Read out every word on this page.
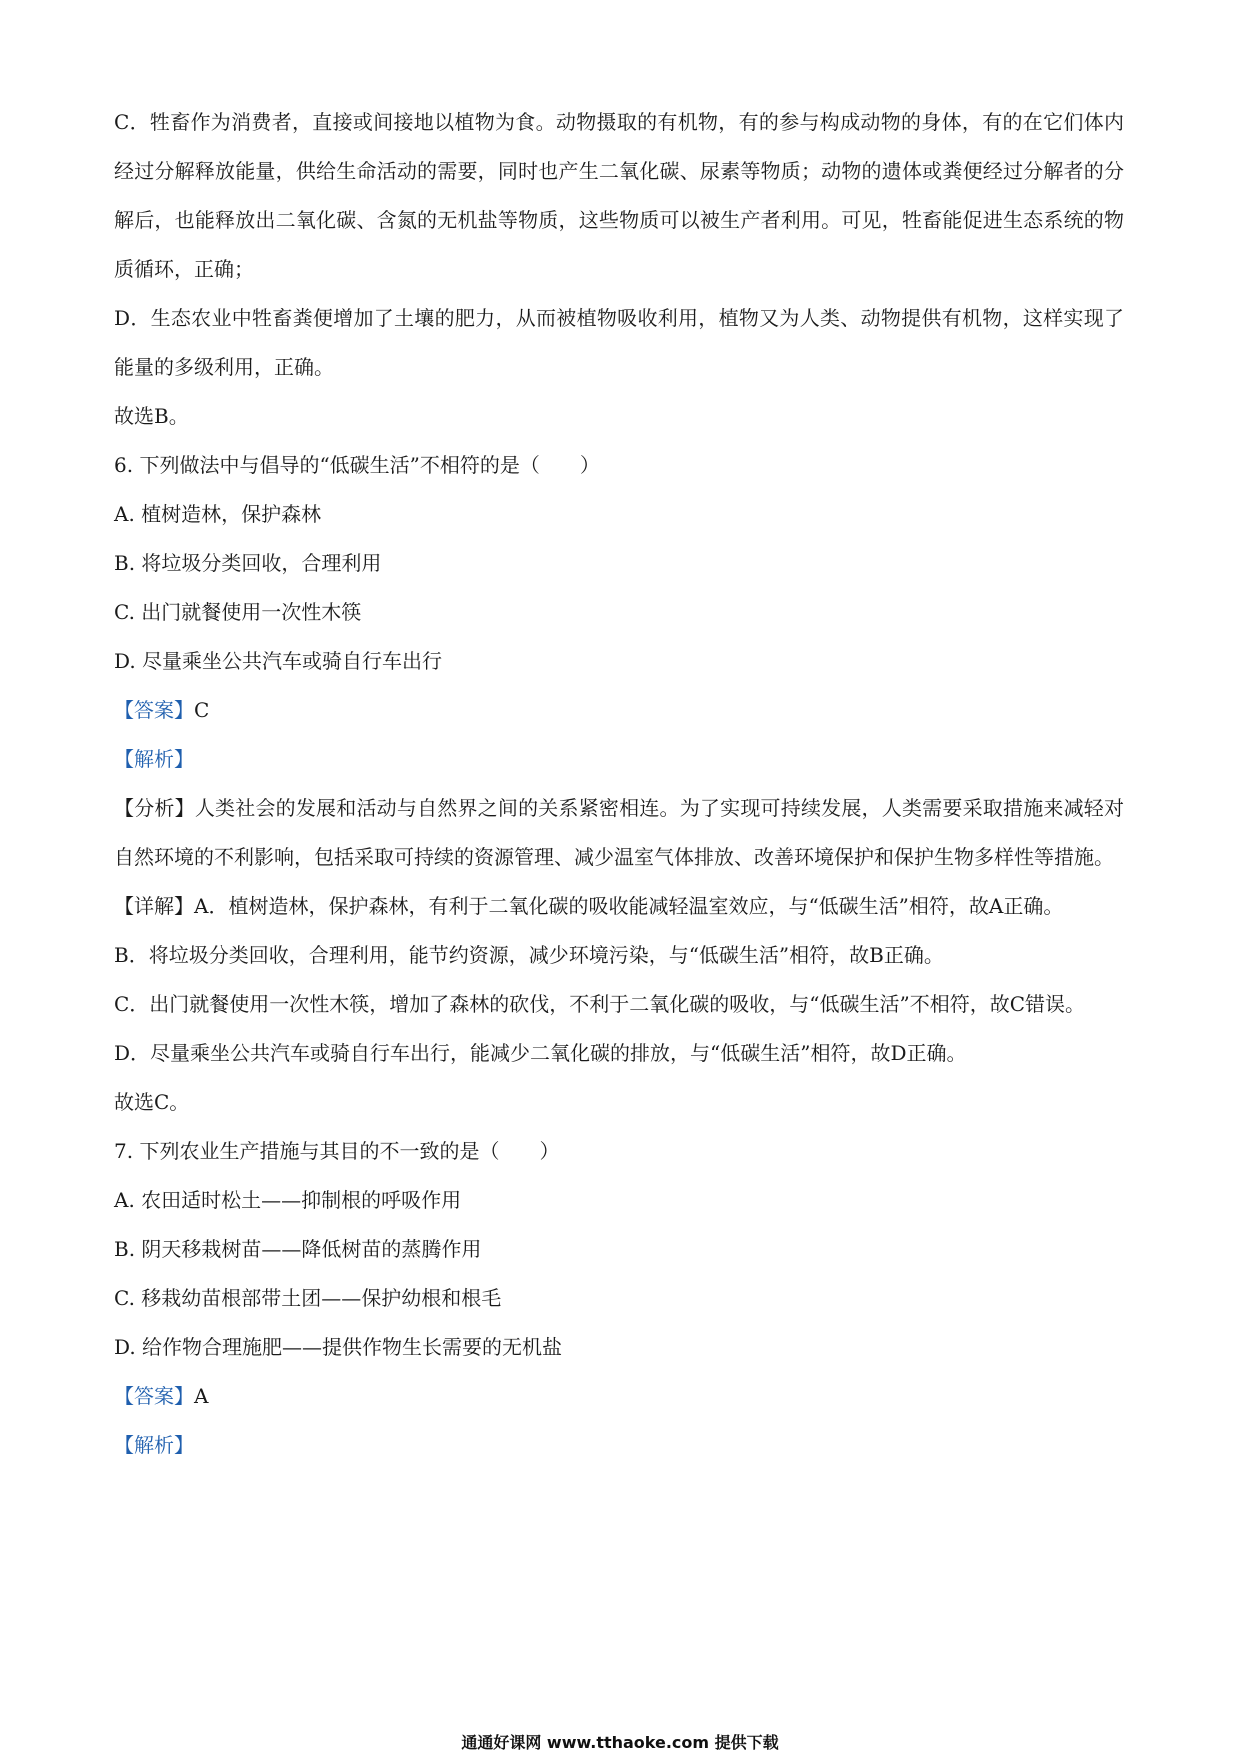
C．牲畜作为消费者，直接或间接地以植物为食。动物摄取的有机物，有的参与构成动物的身体，有的在它们体内经过分解释放能量，供给生命活动的需要，同时也产生二氧化碳、尿素等物质；动物的遗体或粪便经过分解者的分解后，也能释放出二氧化碳、含氮的无机盐等物质，这些物质可以被生产者利用。可见，牲畜能促进生态系统的物质循环，正确；

D．生态农业中牲畜粪便增加了土壤的肥力，从而被植物吸收利用，植物又为人类、动物提供有机物，这样实现了能量的多级利用，正确。

故选B。

6. 下列做法中与倡导的“低碳生活”不相符的是（　　）

A. 植树造林，保护森林

B. 将垃圾分类回收，合理利用

C. 出门就餐使用一次性木筷

D. 尽量乘坐公共汽车或骑自行车出行

【答案】C

【解析】

【分析】人类社会的发展和活动与自然界之间的关系紧密相连。为了实现可持续发展，人类需要采取措施来减轻对自然环境的不利影响，包括采取可持续的资源管理、减少温室气体排放、改善环境保护和保护生物多样性等措施。

【详解】A．植树造林，保护森林，有利于二氧化碳的吸收能减轻温室效应，与“低碳生活”相符，故A正确。

B．将垃圾分类回收，合理利用，能节约资源，减少环境污染，与“低碳生活”相符，故B正确。

C．出门就餐使用一次性木筷，增加了森林的砍伐，不利于二氧化碳的吸收，与“低碳生活”不相符，故C错误。

D．尽量乘坐公共汽车或骑自行车出行，能减少二氧化碳的排放，与“低碳生活”相符，故D正确。

故选C。

7. 下列农业生产措施与其目的不一致的是（　　）

A. 农田适时松土——抑制根的呼吸作用

B. 阴天移栽树苗——降低树苗的蒸腾作用

C. 移栽幼苗根部带土团——保护幼根和根毛

D. 给作物合理施肥——提供作物生长需要的无机盐

【答案】A

【解析】

通通好课网 www.tthaoke.com 提供下载
